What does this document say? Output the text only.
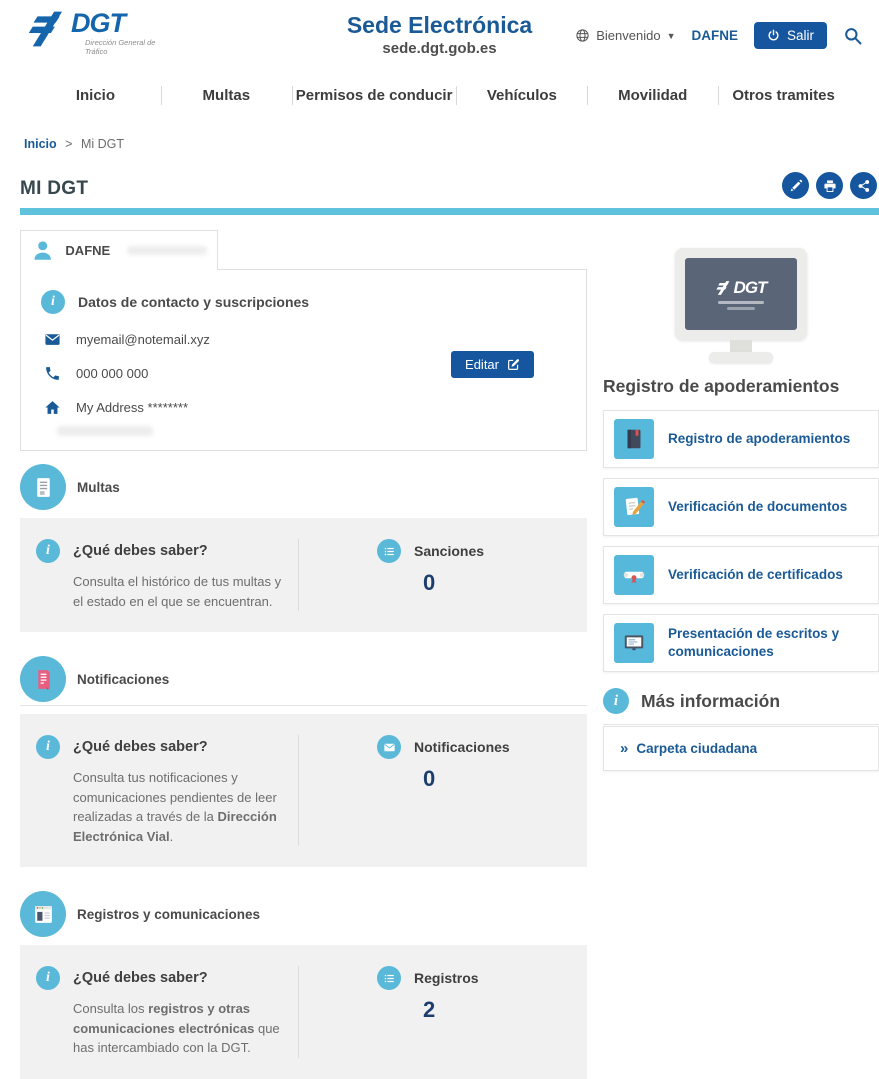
DGT
Dirección General de Tráfico
Sede Electrónica
sede.dgt.gob.es
Bienvenido ▼ DAFNE	Salir
Inicio	Multas	Permisos de conducir	Vehículos	Movilidad	Otros tramites
Inicio > Mi DGT
MI DGT
DAFNE
i
Datos de contacto y suscripciones
myemail@notemail.xyz
000 000 000
My Address ********
Editar
Multas
i
¿Qué debes saber?

Consulta el histórico de tus multas y el estado en el que se encuentran.

Sanciones
0
Notificaciones
i
¿Qué debes saber?

Consulta tus notificaciones y comunicaciones pendientes de leer realizadas a través de la Dirección Electrónica Vial.

Notificaciones
0
Registros y comunicaciones
i
¿Qué debes saber?

Consulta los registros y otras comunicaciones electrónicas que has intercambiado con la DGT.

Registros
2
DGT
Registro de apoderamientos
Registro de apoderamientos
Verificación de documentos
Verificación de certificados
Presentación de escritos y comunicaciones
i
Más información
» Carpeta ciudadana
